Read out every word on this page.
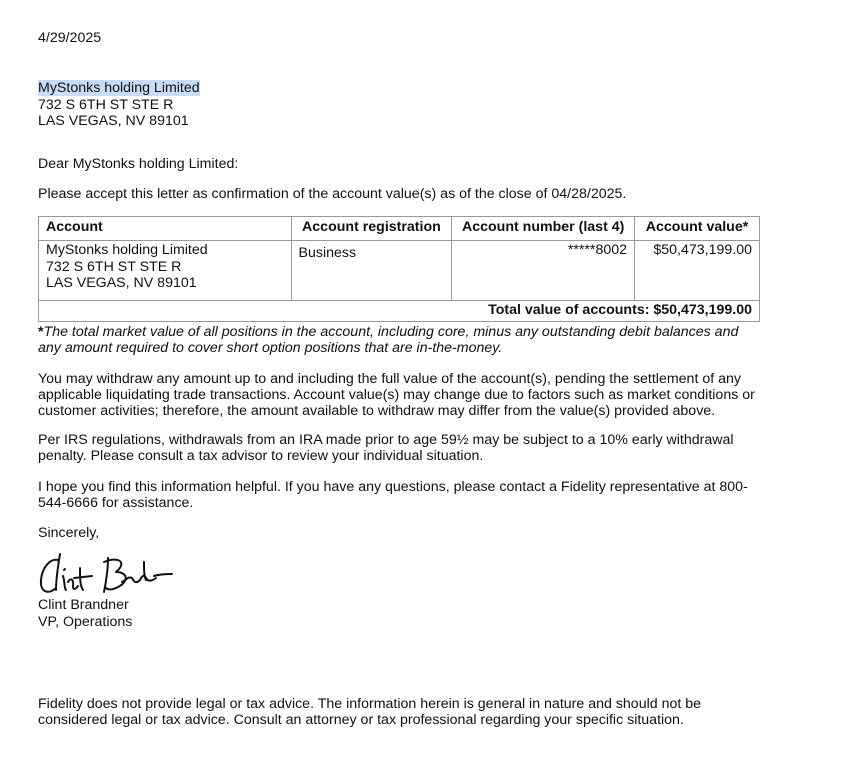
4/29/2025
MyStonks holding Limited
732 S 6TH ST STE R
LAS VEGAS, NV 89101
Dear MyStonks holding Limited:
Please accept this letter as confirmation of the account value(s) as of the close of 04/28/2025.
Account	Account registration	Account number (last 4)	Account value*

MyStonks holding Limited
732 S 6TH ST STE R
LAS VEGAS, NV 89101	Business	*****8002	$50,473,199.00
Total value of accounts: $50,473,199.00			
*The total market value of all positions in the account, including core, minus any outstanding debit balances and any amount required to cover short option positions that are in-the-money.
You may withdraw any amount up to and including the full value of the account(s), pending the settlement of any applicable liquidating trade transactions. Account value(s) may change due to factors such as market conditions or customer activities; therefore, the amount available to withdraw may differ from the value(s) provided above.
Per IRS regulations, withdrawals from an IRA made prior to age 59½ may be subject to a 10% early withdrawal penalty. Please consult a tax advisor to review your individual situation.
I hope you find this information helpful. If you have any questions, please contact a Fidelity representative at 800-544-6666 for assistance.
Sincerely,
Clint Brandner
VP, Operations
Fidelity does not provide legal or tax advice. The information herein is general in nature and should not be considered legal or tax advice. Consult an attorney or tax professional regarding your specific situation.
